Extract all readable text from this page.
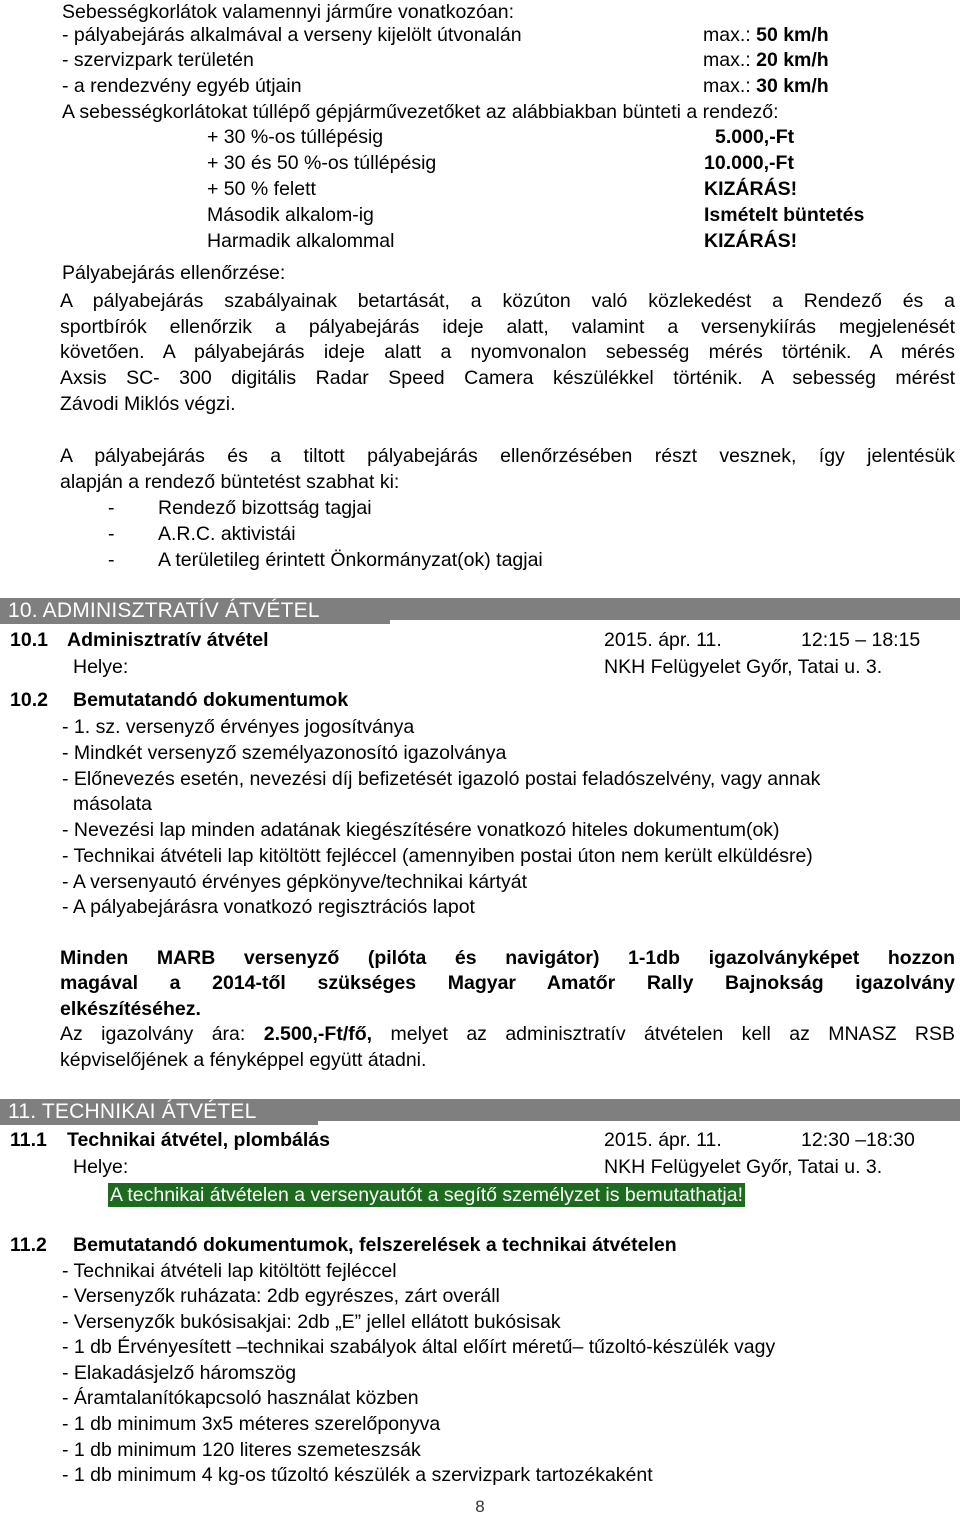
Sebességkorlátok valamennyi járműre vonatkozóan:
- pályabejárás alkalmával a verseny kijelölt útvonalán	max.: 50 km/h
- szervizpark területén	max.: 20 km/h
- a rendezvény egyéb útjain	max.: 30 km/h
A sebességkorlátokat túllépő gépjárművezetőket az alábbiakban bünteti a rendező:
+ 30 %-os túllépésig	5.000,-Ft
+ 30 és 50 %-os túllépésig	10.000,-Ft
+ 50 % felett	KIZÁRÁS!
Második alkalom-ig	Ismételt büntetés
Harmadik alkalommal	KIZÁRÁS!
Pályabejárás ellenőrzése:
A pályabejárás szabályainak betartását, a közúton való közlekedést a Rendező és a
sportbírók ellenőrzik a pályabejárás ideje alatt, valamint a versenykiírás megjelenését
követően. A pályabejárás ideje alatt a nyomvonalon sebesség mérés történik. A mérés
Axsis SC- 300 digitális Radar Speed Camera készülékkel történik. A sebesség mérést
Závodi Miklós végzi.
A pályabejárás és a tiltott pályabejárás ellenőrzésében részt vesznek, így jelentésük
alapján a rendező büntetést szabhat ki:
- Rendező bizottság tagjai
- A.R.C. aktivistái
- A területileg érintett Önkormányzat(ok) tagjai
10. ADMINISZTRATÍV ÁTVÉTEL
10.1 Adminisztratív átvétel	2015. ápr. 11.	12:15 – 18:15
Helye:	NKH Felügyelet Győr, Tatai u. 3.
10.2 Bemutatandó dokumentumok
- 1. sz. versenyző érvényes jogosítványa
- Mindkét versenyző személyazonosító igazolványa
- Előnevezés esetén, nevezési díj befizetését igazoló postai feladószelvény, vagy annak
másolata
- Nevezési lap minden adatának kiegészítésére vonatkozó hiteles dokumentum(ok)
- Technikai átvételi lap kitöltött fejléccel (amennyiben postai úton nem került elküldésre)
- A versenyautó érvényes gépkönyve/technikai kártyát
- A pályabejárásra vonatkozó regisztrációs lapot
Minden MARB versenyző (pilóta és navigátor) 1-1db igazolványképet hozzon
magával a 2014-től szükséges Magyar Amatőr Rally Bajnokság igazolvány
elkészítéséhez.
Az igazolvány ára: 2.500,-Ft/fő, melyet az adminisztratív átvételen kell az MNASZ RSB
képviselőjének a fényképpel együtt átadni.
11. TECHNIKAI ÁTVÉTEL
11.1 Technikai átvétel, plombálás	2015. ápr. 11.	12:30 –18:30
Helye:	NKH Felügyelet Győr, Tatai u. 3.
A technikai átvételen a versenyautót a segítő személyzet is bemutathatja!
11.2 Bemutatandó dokumentumok, felszerelések a technikai átvételen
- Technikai átvételi lap kitöltött fejléccel
- Versenyzők ruházata: 2db egyrészes, zárt overáll
- Versenyzők bukósisakjai: 2db „E” jellel ellátott bukósisak
- 1 db Érvényesített –technikai szabályok által előírt méretű– tűzoltó-készülék vagy
- Elakadásjelző háromszög
- Áramtalanítókapcsoló használat közben
- 1 db minimum 3x5 méteres szerelőponyva
- 1 db minimum 120 literes szemeteszsák
- 1 db minimum 4 kg-os tűzoltó készülék a szervizpark tartozékaként
8
